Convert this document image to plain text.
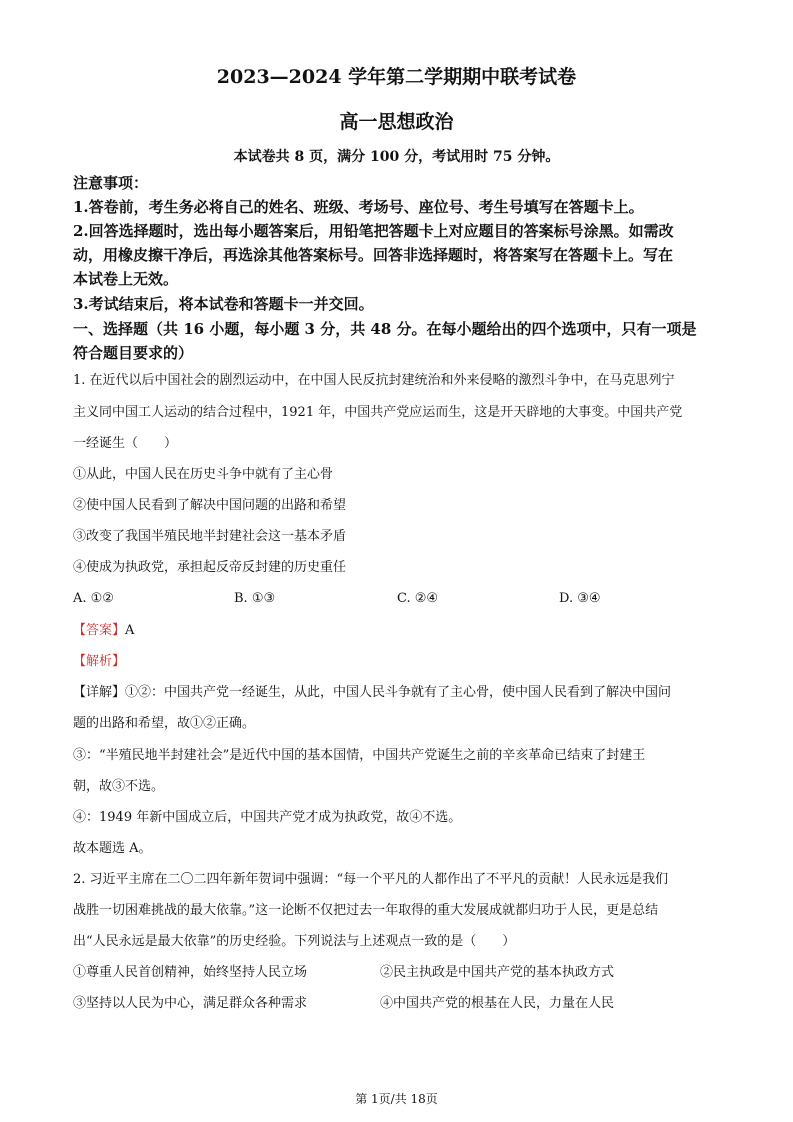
2023—2024 学年第二学期期中联考试卷
高一思想政治
本试卷共 8 页，满分 100 分，考试用时 75 分钟。
注意事项：
1.答卷前，考生务必将自己的姓名、班级、考场号、座位号、考生号填写在答题卡上。
2.回答选择题时，选出每小题答案后，用铅笔把答题卡上对应题目的答案标号涂黑。如需改
动，用橡皮擦干净后，再选涂其他答案标号。回答非选择题时，将答案写在答题卡上。写在
本试卷上无效。
3.考试结束后，将本试卷和答题卡一并交回。
一、选择题（共 16 小题，每小题 3 分，共 48 分。在每小题给出的四个选项中，只有一项是
符合题目要求的）
1. 在近代以后中国社会的剧烈运动中，在中国人民反抗封建统治和外来侵略的激烈斗争中，在马克思列宁
主义同中国工人运动的结合过程中，1921 年，中国共产党应运而生，这是开天辟地的大事变。中国共产党
一经诞生（　　）
①从此，中国人民在历史斗争中就有了主心骨
②使中国人民看到了解决中国问题的出路和希望
③改变了我国半殖民地半封建社会这一基本矛盾
④使成为执政党，承担起反帝反封建的历史重任
A. ①②	B. ①③	C. ②④	D. ③④
【答案】A
【解析】
【详解】①②：中国共产党一经诞生，从此，中国人民斗争就有了主心骨，使中国人民看到了解决中国问
题的出路和希望，故①②正确。
③：“半殖民地半封建社会”是近代中国的基本国情，中国共产党诞生之前的辛亥革命已结束了封建王
朝，故③不选。
④：1949 年新中国成立后，中国共产党才成为执政党，故④不选。
故本题选 A。
2. 习近平主席在二〇二四年新年贺词中强调：“每一个平凡的人都作出了不平凡的贡献！人民永远是我们
战胜一切困难挑战的最大依靠。”这一论断不仅把过去一年取得的重大发展成就都归功于人民，更是总结
出“人民永远是最大依靠”的历史经验。下列说法与上述观点一致的是（　　）
①尊重人民首创精神，始终坚持人民立场	②民主执政是中国共产党的基本执政方式
③坚持以人民为中心，满足群众各种需求	④中国共产党的根基在人民，力量在人民
第 1页/共 18页
